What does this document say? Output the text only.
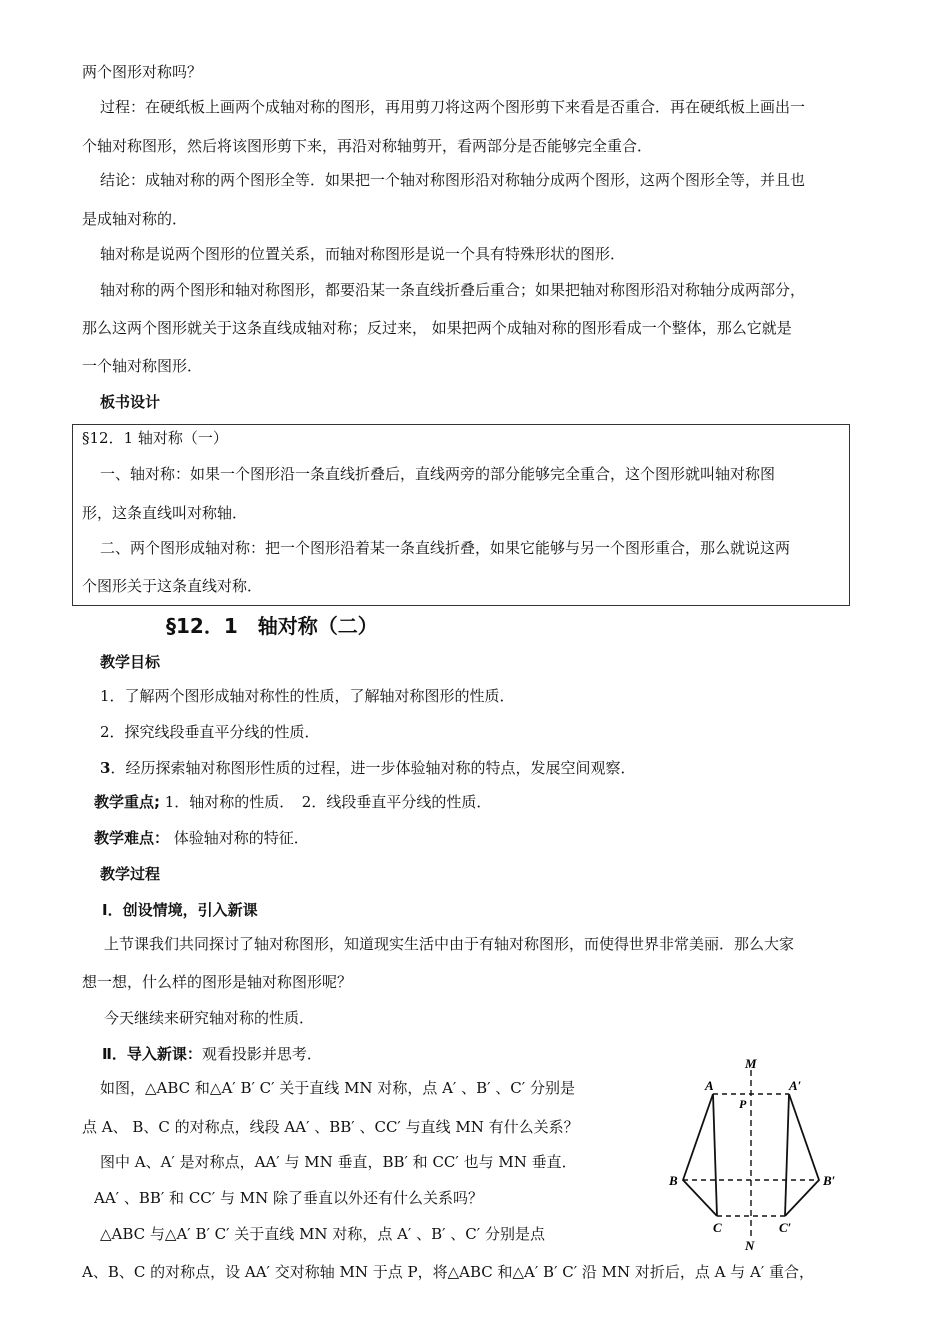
两个图形对称吗？
过程：在硬纸板上画两个成轴对称的图形，再用剪刀将这两个图形剪下来看是否重合．再在硬纸板上画出一
个轴对称图形，然后将该图形剪下来，再沿对称轴剪开，看两部分是否能够完全重合．
结论：成轴对称的两个图形全等．如果把一个轴对称图形沿对称轴分成两个图形，这两个图形全等，并且也
是成轴对称的．
轴对称是说两个图形的位置关系，而轴对称图形是说一个具有特殊形状的图形．
轴对称的两个图形和轴对称图形，都要沿某一条直线折叠后重合；如果把轴对称图形沿对称轴分成两部分，
那么这两个图形就关于这条直线成轴对称；反过来， 如果把两个成轴对称的图形看成一个整体，那么它就是
一个轴对称图形．
板书设计
§12．1 轴对称（一）
一、轴对称：如果一个图形沿一条直线折叠后，直线两旁的部分能够完全重合，这个图形就叫轴对称图
形，这条直线叫对称轴．
二、两个图形成轴对称：把一个图形沿着某一条直线折叠，如果它能够与另一个图形重合，那么就说这两
个图形关于这条直线对称．
§12．1　轴对称（二）
教学目标
1．了解两个图形成轴对称性的性质，了解轴对称图形的性质．
2．探究线段垂直平分线的性质．
3．经历探索轴对称图形性质的过程，进一步体验轴对称的特点，发展空间观察．
教学重点; 1．轴对称的性质．　2．线段垂直平分线的性质．
教学难点： 体验轴对称的特征．
教学过程
Ⅰ．创设情境，引入新课
上节课我们共同探讨了轴对称图形，知道现实生活中由于有轴对称图形，而使得世界非常美丽．那么大家
想一想，什么样的图形是轴对称图形呢？
今天继续来研究轴对称的性质．
Ⅱ．导入新课：观看投影并思考．
如图，△ABC 和△A′ B′ C′ 关于直线 MN 对称，点 A′ 、B′ 、C′ 分别是
点 A、 B、C 的对称点，线段 AA′ 、BB′ 、CC′ 与直线 MN 有什么关系？
图中 A、A′ 是对称点，AA′ 与 MN 垂直，BB′ 和 CC′ 也与 MN 垂直．
AA′ 、BB′ 和 CC′ 与 MN 除了垂直以外还有什么关系吗？
△ABC 与△A′ B′ C′ 关于直线 MN 对称，点 A′ 、B′ 、C′ 分别是点
A、B、C 的对称点，设 AA′ 交对称轴 MN 于点 P，将△ABC 和△A′ B′ C′ 沿 MN 对折后，点 A 与 A′ 重合，
M
N
P
A	A′
B	B′
C	C′
